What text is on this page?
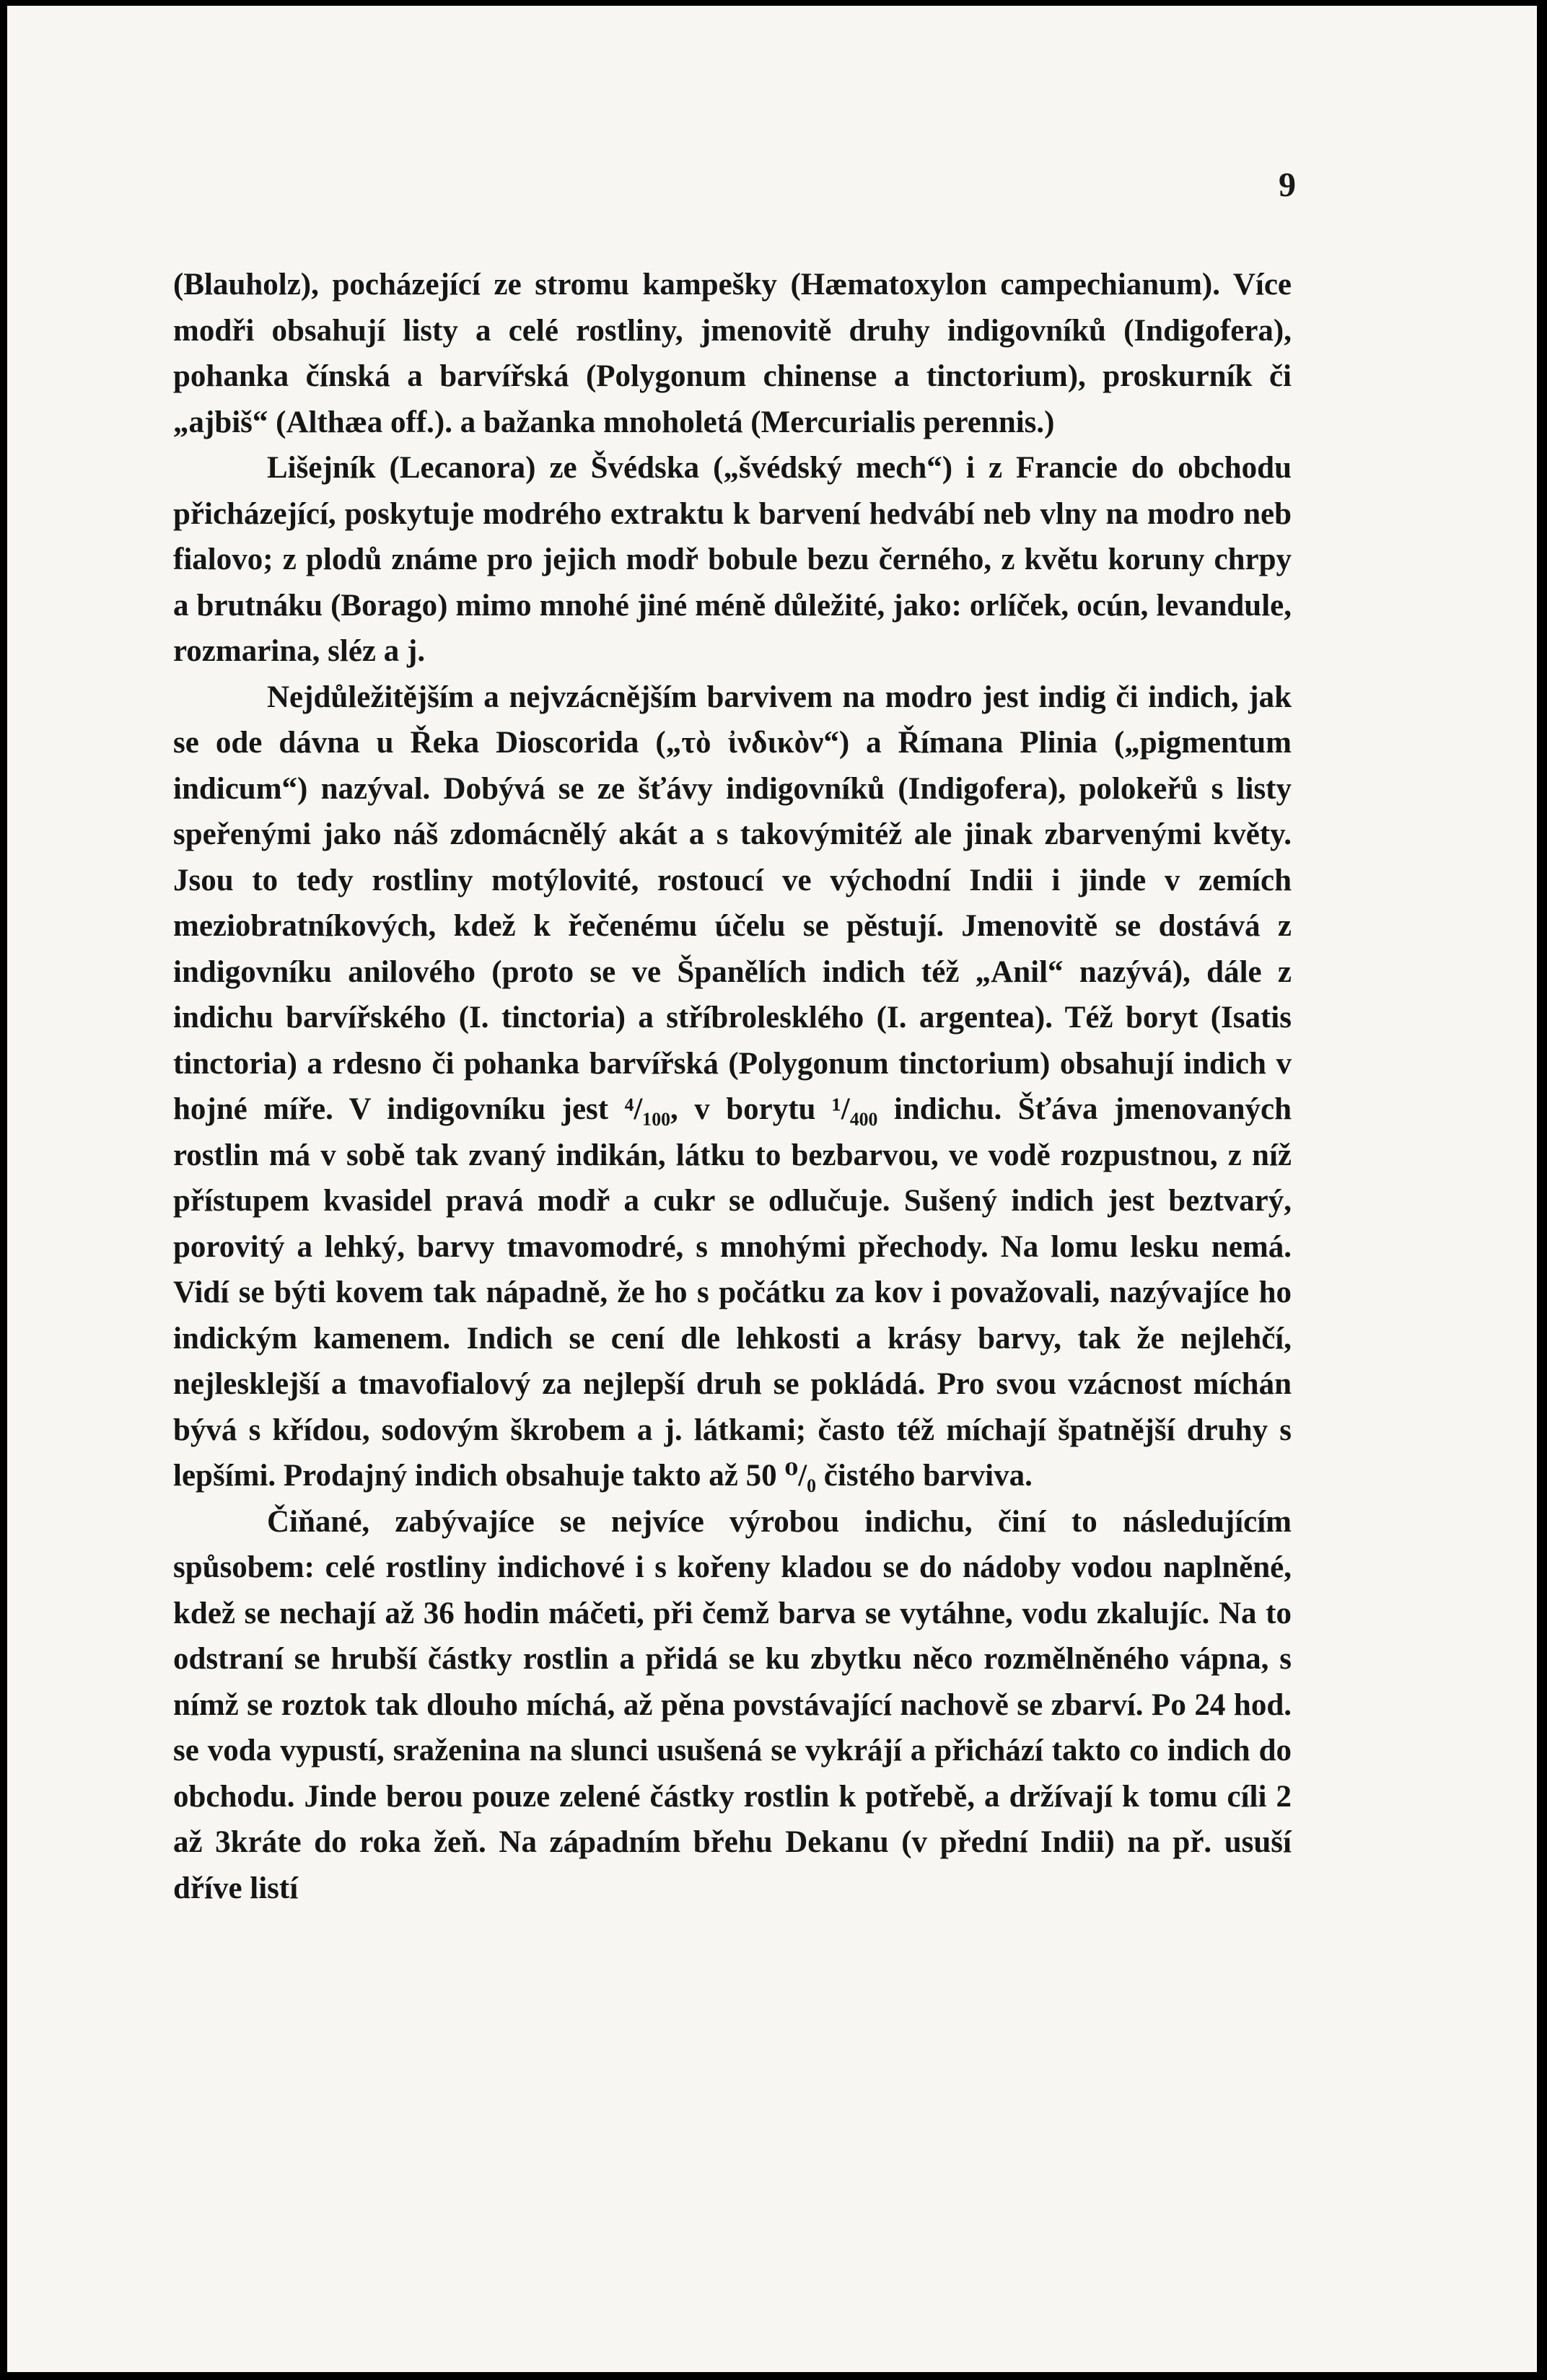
9

(Blauholz), pocházející ze stromu kampešky (Hæmatoxylon campechianum). Více modři obsahují listy a celé rostliny, jmenovitě druhy indigovníků (Indigofera), pohanka čínská a barvířská (Polygonum chinense a tinctorium), proskurník či „ajbiš“ (Althæa off.). a bažanka mnoholetá (Mercurialis perennis.)

Lišejník (Lecanora) ze Švédska („švédský mech“) i z Francie do obchodu přicházející, poskytuje modrého extraktu k barvení hedvábí neb vlny na modro neb fialovo; z plodů známe pro jejich modř bobule bezu černého, z květu koruny chrpy a brutnáku (Borago) mimo mnohé jiné méně důležité, jako: orlíček, ocún, levandule, rozmarina, sléz a j.

Nejdůležitějším a nejvzácnějším barvivem na modro jest indig či indich, jak se ode dávna u Řeka Dioscorida („τὸ ἰνδικὸν“) a Římana Plinia („pigmentum indicum“) nazýval. Dobývá se ze šťávy indigovníků (Indigofera), polokeřů s listy speřenými jako náš zdomácnělý akát a s takovýmitéž ale jinak zbarvenými květy. Jsou to tedy rostliny motýlovité, rostoucí ve východní Indii i jinde v zemích meziobratníkových, kdež k řečenému účelu se pěstují. Jmenovitě se dostává z indigovníku anilového (proto se ve Španělích indich též „Anil“ nazývá), dále z indichu barvířského (I. tinctoria) a stříbrolesklého (I. argentea). Též boryt (Isatis tinctoria) a rdesno či pohanka barvířská (Polygonum tinctorium) obsahují indich v hojné míře. V indigovníku jest ⁴/₁₀₀, v borytu ¹/₄₀₀ indichu. Šťáva jmenovaných rostlin má v sobě tak zvaný indikán, látku to bezbarvou, ve vodě rozpustnou, z níž přístupem kvasidel pravá modř a cukr se odlučuje. Sušený indich jest beztvarý, porovitý a lehký, barvy tmavomodré, s mnohými přechody. Na lomu lesku nemá. Vidí se býti kovem tak nápadně, že ho s počátku za kov i považovali, nazývajíce ho indickým kamenem. Indich se cení dle lehkosti a krásy barvy, tak že nejlehčí, nejlesklejší a tmavofialový za nejlepší druh se pokládá. Pro svou vzácnost míchán bývá s křídou, sodovým škrobem a j. látkami; často též míchají špatnější druhy s lepšími. Prodajný indich obsahuje takto až 50 ⁰/₀ čistého barviva.

Čiňané, zabývajíce se nejvíce výrobou indichu, činí to následujícím spůsobem: celé rostliny indichové i s kořeny kladou se do nádoby vodou naplněné, kdež se nechají až 36 hodin máčeti, při čemž barva se vytáhne, vodu zkalujíc. Na to odstraní se hrubší částky rostlin a přidá se ku zbytku něco rozmělněného vápna, s nímž se roztok tak dlouho míchá, až pěna povstávající nachově se zbarví. Po 24 hod. se voda vypustí, sraženina na slunci usušená se vykrájí a přichází takto co indich do obchodu. Jinde berou pouze zelené částky rostlin k potřebě, a držívají k tomu cíli 2 až 3kráte do roka žeň. Na západním břehu Dekanu (v přední Indii) na př. usuší dříve listí
